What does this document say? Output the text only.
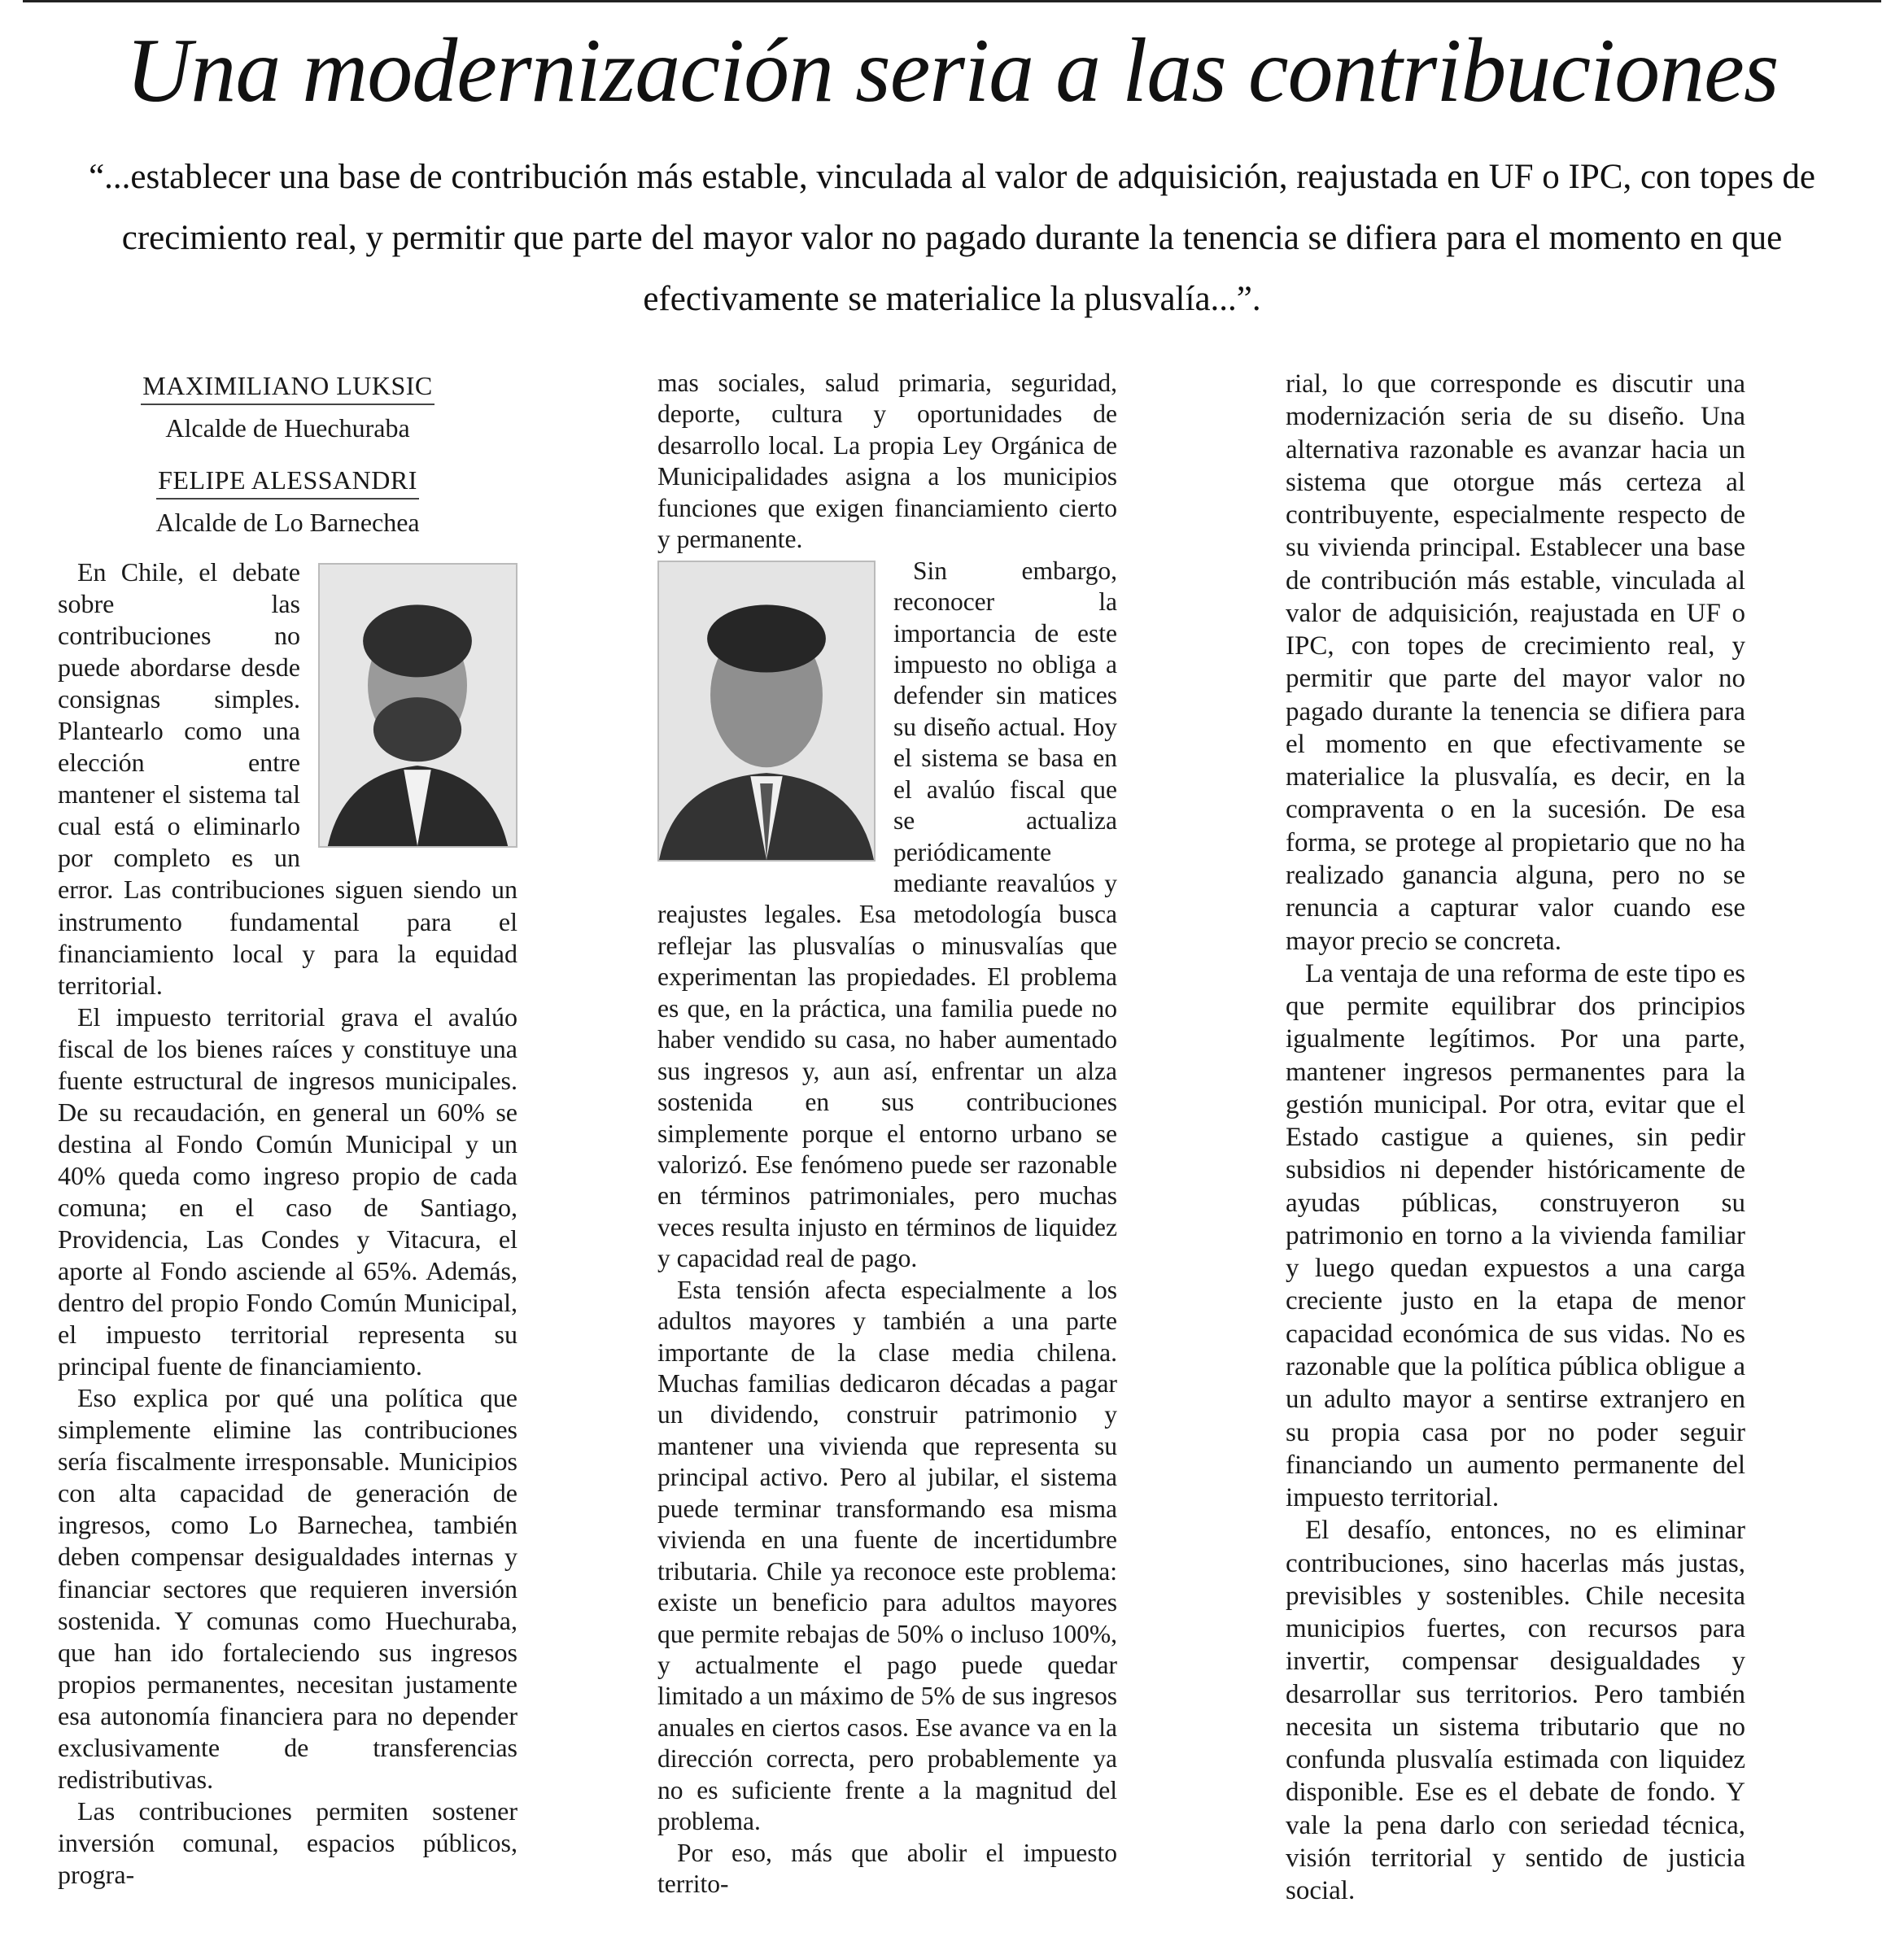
Una modernización seria a las contribuciones
“...establecer una base de contribución más estable, vinculada al valor de adquisición, reajustada en UF o IPC, con topes de crecimiento real, y permitir que parte del mayor valor no pagado durante la tenencia se difiera para el momento en que efectivamente se materialice la plusvalía...”.
MAXIMILIANO LUKSIC
Alcalde de Huechuraba
FELIPE ALESSANDRI
Alcalde de Lo Barnechea

En Chile, el debate sobre las contribuciones no puede abordarse desde consignas simples. Plantearlo como una elección entre mantener el sistema tal cual está o eliminarlo por completo es un error. Las contribuciones siguen siendo un instrumento fundamental para el financiamiento local y para la equidad territorial.

El impuesto territorial grava el avalúo fiscal de los bienes raíces y constituye una fuente estructural de ingresos municipales. De su recaudación, en general un 60% se destina al Fondo Común Municipal y un 40% queda como ingreso propio de cada comuna; en el caso de Santiago, Providencia, Las Condes y Vitacura, el aporte al Fondo asciende al 65%. Además, dentro del propio Fondo Común Municipal, el impuesto territorial representa su principal fuente de financiamiento.

Eso explica por qué una política que simplemente elimine las contribuciones sería fiscalmente irresponsable. Municipios con alta capacidad de generación de ingresos, como Lo Barnechea, también deben compensar desigualdades internas y financiar sectores que requieren inversión sostenida. Y comunas como Huechuraba, que han ido fortaleciendo sus ingresos propios permanentes, necesitan justamente esa autonomía financiera para no depender exclusivamente de transferencias redistributivas.

Las contribuciones permiten sostener inversión comunal, espacios públicos, progra-

mas sociales, salud primaria, seguridad, deporte, cultura y oportunidades de desarrollo local. La propia Ley Orgánica de Municipalidades asigna a los municipios funciones que exigen financiamiento cierto y permanente.

Sin embargo, reconocer la importancia de este impuesto no obliga a defender sin matices su diseño actual. Hoy el sistema se basa en el avalúo fiscal que se actualiza periódicamente mediante reavalúos y reajustes legales. Esa metodología busca reflejar las plusvalías o minusvalías que experimentan las propiedades. El problema es que, en la práctica, una familia puede no haber vendido su casa, no haber aumentado sus ingresos y, aun así, enfrentar un alza sostenida en sus contribuciones simplemente porque el entorno urbano se valorizó. Ese fenómeno puede ser razonable en términos patrimoniales, pero muchas veces resulta injusto en términos de liquidez y capacidad real de pago.

Esta tensión afecta especialmente a los adultos mayores y también a una parte importante de la clase media chilena. Muchas familias dedicaron décadas a pagar un dividendo, construir patrimonio y mantener una vivienda que representa su principal activo. Pero al jubilar, el sistema puede terminar transformando esa misma vivienda en una fuente de incertidumbre tributaria. Chile ya reconoce este problema: existe un beneficio para adultos mayores que permite rebajas de 50% o incluso 100%, y actualmente el pago puede quedar limitado a un máximo de 5% de sus ingresos anuales en ciertos casos. Ese avance va en la dirección correcta, pero probablemente ya no es suficiente frente a la magnitud del problema.

Por eso, más que abolir el impuesto territo-

rial, lo que corresponde es discutir una modernización seria de su diseño. Una alternativa razonable es avanzar hacia un sistema que otorgue más certeza al contribuyente, especialmente respecto de su vivienda principal. Establecer una base de contribución más estable, vinculada al valor de adquisición, reajustada en UF o IPC, con topes de crecimiento real, y permitir que parte del mayor valor no pagado durante la tenencia se difiera para el momento en que efectivamente se materialice la plusvalía, es decir, en la compraventa o en la sucesión. De esa forma, se protege al propietario que no ha realizado ganancia alguna, pero no se renuncia a capturar valor cuando ese mayor precio se concreta.

La ventaja de una reforma de este tipo es que permite equilibrar dos principios igualmente legítimos. Por una parte, mantener ingresos permanentes para la gestión municipal. Por otra, evitar que el Estado castigue a quienes, sin pedir subsidios ni depender históricamente de ayudas públicas, construyeron su patrimonio en torno a la vivienda familiar y luego quedan expuestos a una carga creciente justo en la etapa de menor capacidad económica de sus vidas. No es razonable que la política pública obligue a un adulto mayor a sentirse extranjero en su propia casa por no poder seguir financiando un aumento permanente del impuesto territorial.

El desafío, entonces, no es eliminar contribuciones, sino hacerlas más justas, previsibles y sostenibles. Chile necesita municipios fuertes, con recursos para invertir, compensar desigualdades y desarrollar sus territorios. Pero también necesita un sistema tributario que no confunda plusvalía estimada con liquidez disponible. Ese es el debate de fondo. Y vale la pena darlo con seriedad técnica, visión territorial y sentido de justicia social.
